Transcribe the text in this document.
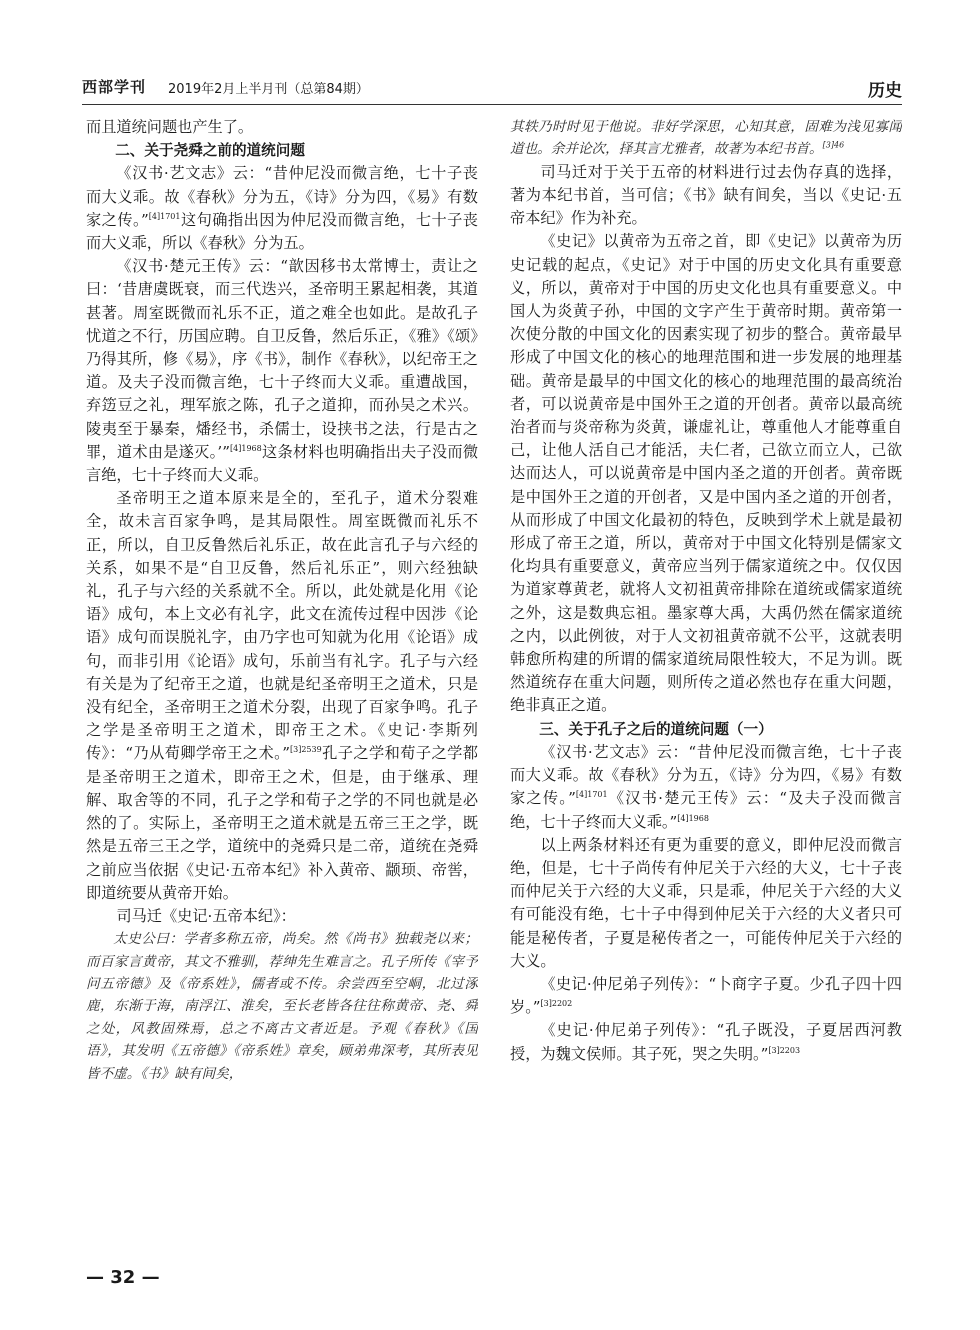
西部学刊 2019年2月上半月刊（总第84期）	历史

而且道统问题也产生了。

二、关于尧舜之前的道统问题

《汉书·艺文志》云：“昔仲尼没而微言绝，七十子丧而大义乖。故《春秋》分为五，《诗》分为四，《易》有数家之传。”$^{[4]1701}$这句确指出因为仲尼没而微言绝，七十子丧而大义乖，所以《春秋》分为五。

《汉书·楚元王传》云：“歆因移书太常博士，责让之曰：‘昔唐虞既衰，而三代迭兴，圣帝明王累起相袭，其道甚著。周室既微而礼乐不正，道之难全也如此。是故孔子忧道之不行，历国应聘。自卫反鲁，然后乐正，《雅》《颂》乃得其所，修《易》，序《书》，制作《春秋》，以纪帝王之道。及夫子没而微言绝，七十子终而大义乖。重遭战国，弃笾豆之礼，理军旅之陈，孔子之道抑，而孙吴之术兴。陵夷至于暴秦，燔经书，杀儒士，设挟书之法，行是古之罪，道术由是遂灭。’”$^{[4]1968}$这条材料也明确指出夫子没而微言绝，七十子终而大义乖。

圣帝明王之道本原来是全的，至孔子，道术分裂难全，故未言百家争鸣，是其局限性。周室既微而礼乐不正，所以，自卫反鲁然后礼乐正，故在此言孔子与六经的关系，如果不是“自卫反鲁，然后礼乐正”，则六经独缺礼，孔子与六经的关系就不全。所以，此处就是化用《论语》成句，本上文必有礼字，此文在流传过程中因涉《论语》成句而误脱礼字，由乃字也可知就为化用《论语》成句，而非引用《论语》成句，乐前当有礼字。孔子与六经有关是为了纪帝王之道，也就是纪圣帝明王之道术，只是没有纪全，圣帝明王之道术分裂，出现了百家争鸣。孔子之学是圣帝明王之道术，即帝王之术。《史记·李斯列传》：“乃从荀卿学帝王之术。”$^{[3]2539}$孔子之学和荀子之学都是圣帝明王之道术，即帝王之术，但是，由于继承、理解、取舍等的不同，孔子之学和荀子之学的不同也就是必然的了。实际上，圣帝明王之道术就是五帝三王之学，既然是五帝三王之学，道统中的尧舜只是二帝，道统在尧舜之前应当依据《史记·五帝本纪》补入黄帝、颛顼、帝喾，即道统要从黄帝开始。

司马迁《史记·五帝本纪》：

太史公曰：学者多称五帝，尚矣。然《尚书》独载尧以来；而百家言黄帝，其文不雅驯，荐绅先生难言之。孔子所传《宰予问五帝德》及《帝系姓》，儒者或不传。余尝西至空峒，北过涿鹿，东渐于海，南浮江、淮矣，至长老皆各往往称黄帝、尧、舜之处，风教固殊焉，总之不离古文者近是。予观《春秋》《国语》，其发明《五帝德》《帝系姓》章矣，顾弟弗深考，其所表见皆不虚。《书》缺有间矣，

其轶乃时时见于他说。非好学深思，心知其意，固难为浅见寡闻道也。余并论次，择其言尤雅者，故著为本纪书首。$^{[3]46}$

司马迁对于关于五帝的材料进行过去伪存真的选择，著为本纪书首，当可信；《书》缺有间矣，当以《史记·五帝本纪》作为补充。

《史记》以黄帝为五帝之首，即《史记》以黄帝为历史记载的起点，《史记》对于中国的历史文化具有重要意义，所以，黄帝对于中国的历史文化也具有重要意义。中国人为炎黄子孙，中国的文字产生于黄帝时期。黄帝第一次使分散的中国文化的因素实现了初步的整合。黄帝最早形成了中国文化的核心的地理范围和进一步发展的地理基础。黄帝是最早的中国文化的核心的地理范围的最高统治者，可以说黄帝是中国外王之道的开创者。黄帝以最高统治者而与炎帝称为炎黄，谦虚礼让，尊重他人才能尊重自己，让他人活自己才能活，夫仁者，己欲立而立人，己欲达而达人，可以说黄帝是中国内圣之道的开创者。黄帝既是中国外王之道的开创者，又是中国内圣之道的开创者，从而形成了中国文化最初的特色，反映到学术上就是最初形成了帝王之道，所以，黄帝对于中国文化特别是儒家文化均具有重要意义，黄帝应当列于儒家道统之中。仅仅因为道家尊黄老，就将人文初祖黄帝排除在道统或儒家道统之外，这是数典忘祖。墨家尊大禹，大禹仍然在儒家道统之内，以此例彼，对于人文初祖黄帝就不公平，这就表明韩愈所构建的所谓的儒家道统局限性较大，不足为训。既然道统存在重大问题，则所传之道必然也存在重大问题，绝非真正之道。

三、关于孔子之后的道统问题（一）

《汉书·艺文志》云：“昔仲尼没而微言绝，七十子丧而大义乖。故《春秋》分为五，《诗》分为四，《易》有数家之传。”$^{[4]1701}$《汉书·楚元王传》云：“及夫子没而微言绝，七十子终而大义乖。”$^{[4]1968}$

以上两条材料还有更为重要的意义，即仲尼没而微言绝，但是，七十子尚传有仲尼关于六经的大义，七十子丧而仲尼关于六经的大义乖，只是乖，仲尼关于六经的大义有可能没有绝，七十子中得到仲尼关于六经的大义者只可能是秘传者，子夏是秘传者之一，可能传仲尼关于六经的大义。

《史记·仲尼弟子列传》：“卜商字子夏。少孔子四十四岁。”$^{[3]2202}$

《史记·仲尼弟子列传》：“孔子既没，子夏居西河教授，为魏文侯师。其子死，哭之失明。”$^{[3]2203}$

— 32 —
